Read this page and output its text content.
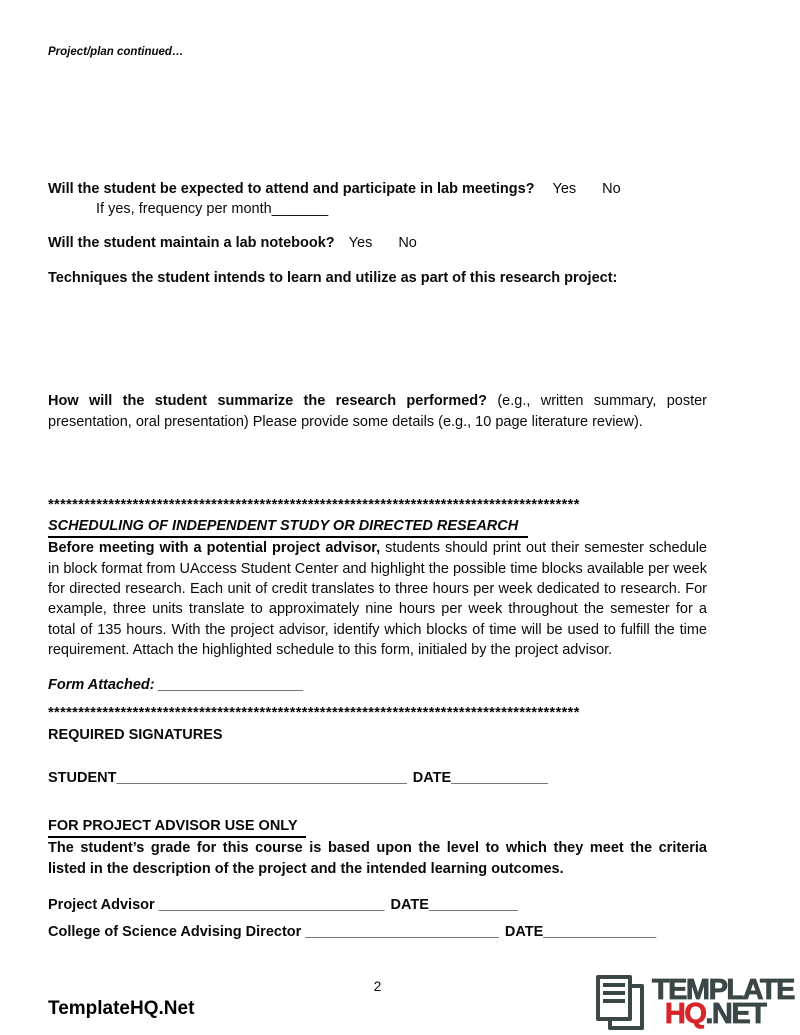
Project/plan continued…

Will the student be expected to attend and participate in lab meetings? Yes No
If yes, frequency per month_______
Will the student maintain a lab notebook? Yes No
Techniques the student intends to learn and utilize as part of this research project:

How will the student summarize the research performed? (e.g., written summary, poster presentation, oral presentation) Please provide some details (e.g., 10 page literature review).

****************************************************************************************
SCHEDULING OF INDEPENDENT STUDY OR DIRECTED RESEARCH

Before meeting with a potential project advisor, students should print out their semester schedule in block format from UAccess Student Center and highlight the possible time blocks available per week for directed research. Each unit of credit translates to three hours per week dedicated to research. For example, three units translate to approximately nine hours per week throughout the semester for a total of 135 hours. With the project advisor, identify which blocks of time will be used to fulfill the time requirement. Attach the highlighted schedule to this form, initialed by the project advisor.

Form Attached: __________________
****************************************************************************************
REQUIRED SIGNATURES
STUDENT____________________________________ DATE____________
FOR PROJECT ADVISOR USE ONLY

The student’s grade for this course is based upon the level to which they meet the criteria listed in the description of the project and the intended learning outcomes.

Project Advisor ____________________________ DATE___________
College of Science Advising Director ________________________ DATE______________
2
TemplateHQ.Net
TEMPLATE
HQ.NET
